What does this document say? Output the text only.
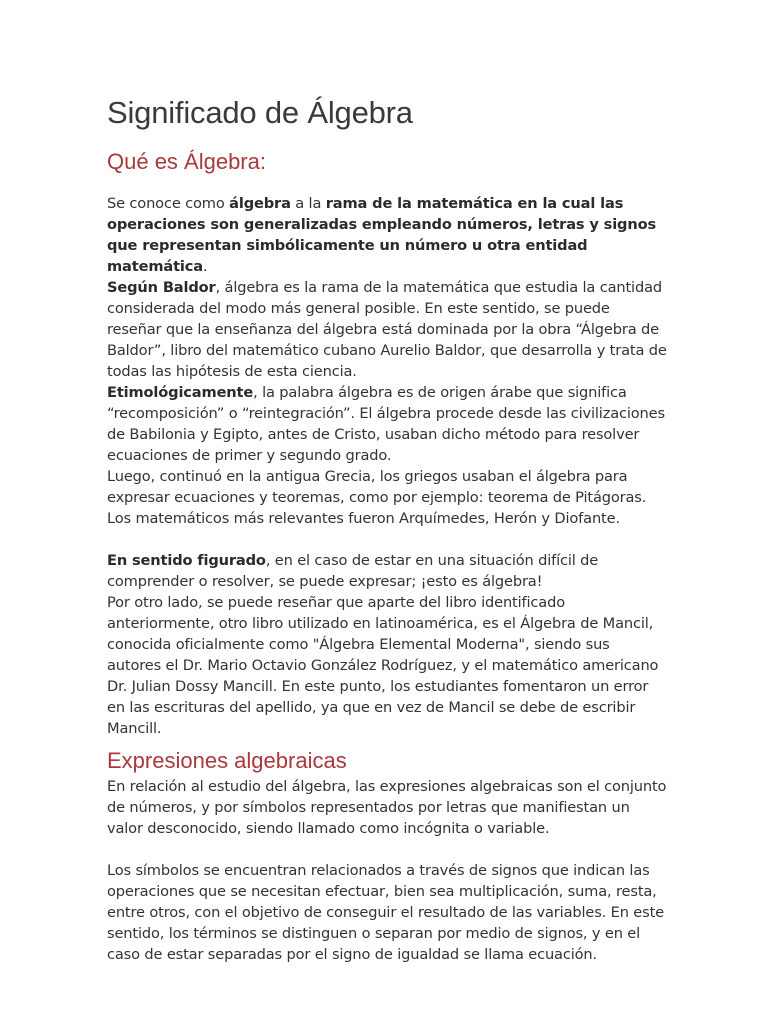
Significado de Álgebra
Qué es Álgebra:

Se conoce como álgebra a la rama de la matemática en la cual las operaciones son generalizadas empleando números, letras y signos que representan simbólicamente un número u otra entidad matemática.

Según Baldor, álgebra es la rama de la matemática que estudia la cantidad considerada del modo más general posible. En este sentido, se puede reseñar que la enseñanza del álgebra está dominada por la obra “Álgebra de Baldor”, libro del matemático cubano Aurelio Baldor, que desarrolla y trata de todas las hipótesis de esta ciencia.

Etimológicamente, la palabra álgebra es de origen árabe que significa “recomposición” o “reintegración”. El álgebra procede desde las civilizaciones de Babilonia y Egipto, antes de Cristo, usaban dicho método para resolver ecuaciones de primer y segundo grado.

Luego, continuó en la antigua Grecia, los griegos usaban el álgebra para expresar ecuaciones y teoremas, como por ejemplo: teorema de Pitágoras. Los matemáticos más relevantes fueron Arquímedes, Herón y Diofante.

En sentido figurado, en el caso de estar en una situación difícil de comprender o resolver, se puede expresar; ¡esto es álgebra!

Por otro lado, se puede reseñar que aparte del libro identificado anteriormente, otro libro utilizado en latinoamérica, es el Álgebra de Mancil, conocida oficialmente como "Álgebra Elemental Moderna", siendo sus autores el Dr. Mario Octavio González Rodríguez, y el matemático americano Dr. Julian Dossy Mancill. En este punto, los estudiantes fomentaron un error en las escrituras del apellido, ya que en vez de Mancil se debe de escribir Mancill.

Expresiones algebraicas

En relación al estudio del álgebra, las expresiones algebraicas son el conjunto de números, y por símbolos representados por letras que manifiestan un valor desconocido, siendo llamado como incógnita o variable.

Los símbolos se encuentran relacionados a través de signos que indican las operaciones que se necesitan efectuar, bien sea multiplicación, suma, resta, entre otros, con el objetivo de conseguir el resultado de las variables. En este sentido, los términos se distinguen o separan por medio de signos, y en el caso de estar separadas por el signo de igualdad se llama ecuación.
